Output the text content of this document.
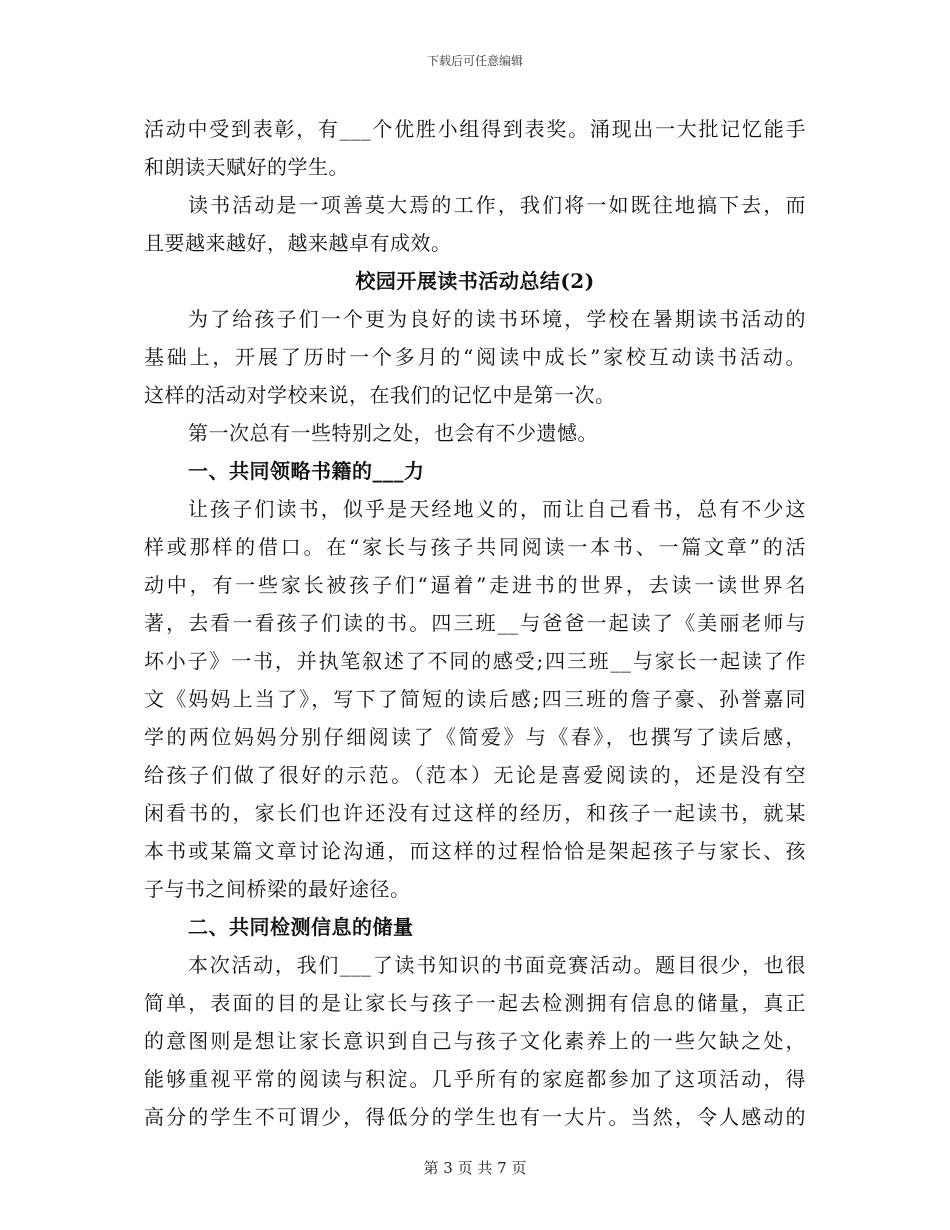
下载后可任意编辑
活动中受到表彰，有___个优胜小组得到表奖。涌现出一大批记忆能手
和朗读天赋好的学生。
读书活动是一项善莫大焉的工作，我们将一如既往地搞下去，而
且要越来越好，越来越卓有成效。
校园开展读书活动总结(2)
为了给孩子们一个更为良好的读书环境，学校在暑期读书活动的
基础上，开展了历时一个多月的“阅读中成长”家校互动读书活动。
这样的活动对学校来说，在我们的记忆中是第一次。
第一次总有一些特别之处，也会有不少遗憾。
一、共同领略书籍的___力
让孩子们读书，似乎是天经地义的，而让自己看书，总有不少这
样或那样的借口。在“家长与孩子共同阅读一本书、一篇文章”的活
动中，有一些家长被孩子们“逼着”走进书的世界，去读一读世界名
著，去看一看孩子们读的书。四三班__与爸爸一起读了《美丽老师与
坏小子》一书，并执笔叙述了不同的感受;四三班__与家长一起读了作
文《妈妈上当了》，写下了简短的读后感;四三班的詹子豪、孙誉嘉同
学的两位妈妈分别仔细阅读了《简爱》与《春》，也撰写了读后感，
给孩子们做了很好的示范。（范本）无论是喜爱阅读的，还是没有空
闲看书的，家长们也许还没有过这样的经历，和孩子一起读书，就某
本书或某篇文章讨论沟通，而这样的过程恰恰是架起孩子与家长、孩
子与书之间桥梁的最好途径。
二、共同检测信息的储量
本次活动，我们___了读书知识的书面竞赛活动。题目很少，也很
简单，表面的目的是让家长与孩子一起去检测拥有信息的储量，真正
的意图则是想让家长意识到自己与孩子文化素养上的一些欠缺之处，
能够重视平常的阅读与积淀。几乎所有的家庭都参加了这项活动，得
高分的学生不可谓少，得低分的学生也有一大片。当然，令人感动的
第 3 页 共 7 页
